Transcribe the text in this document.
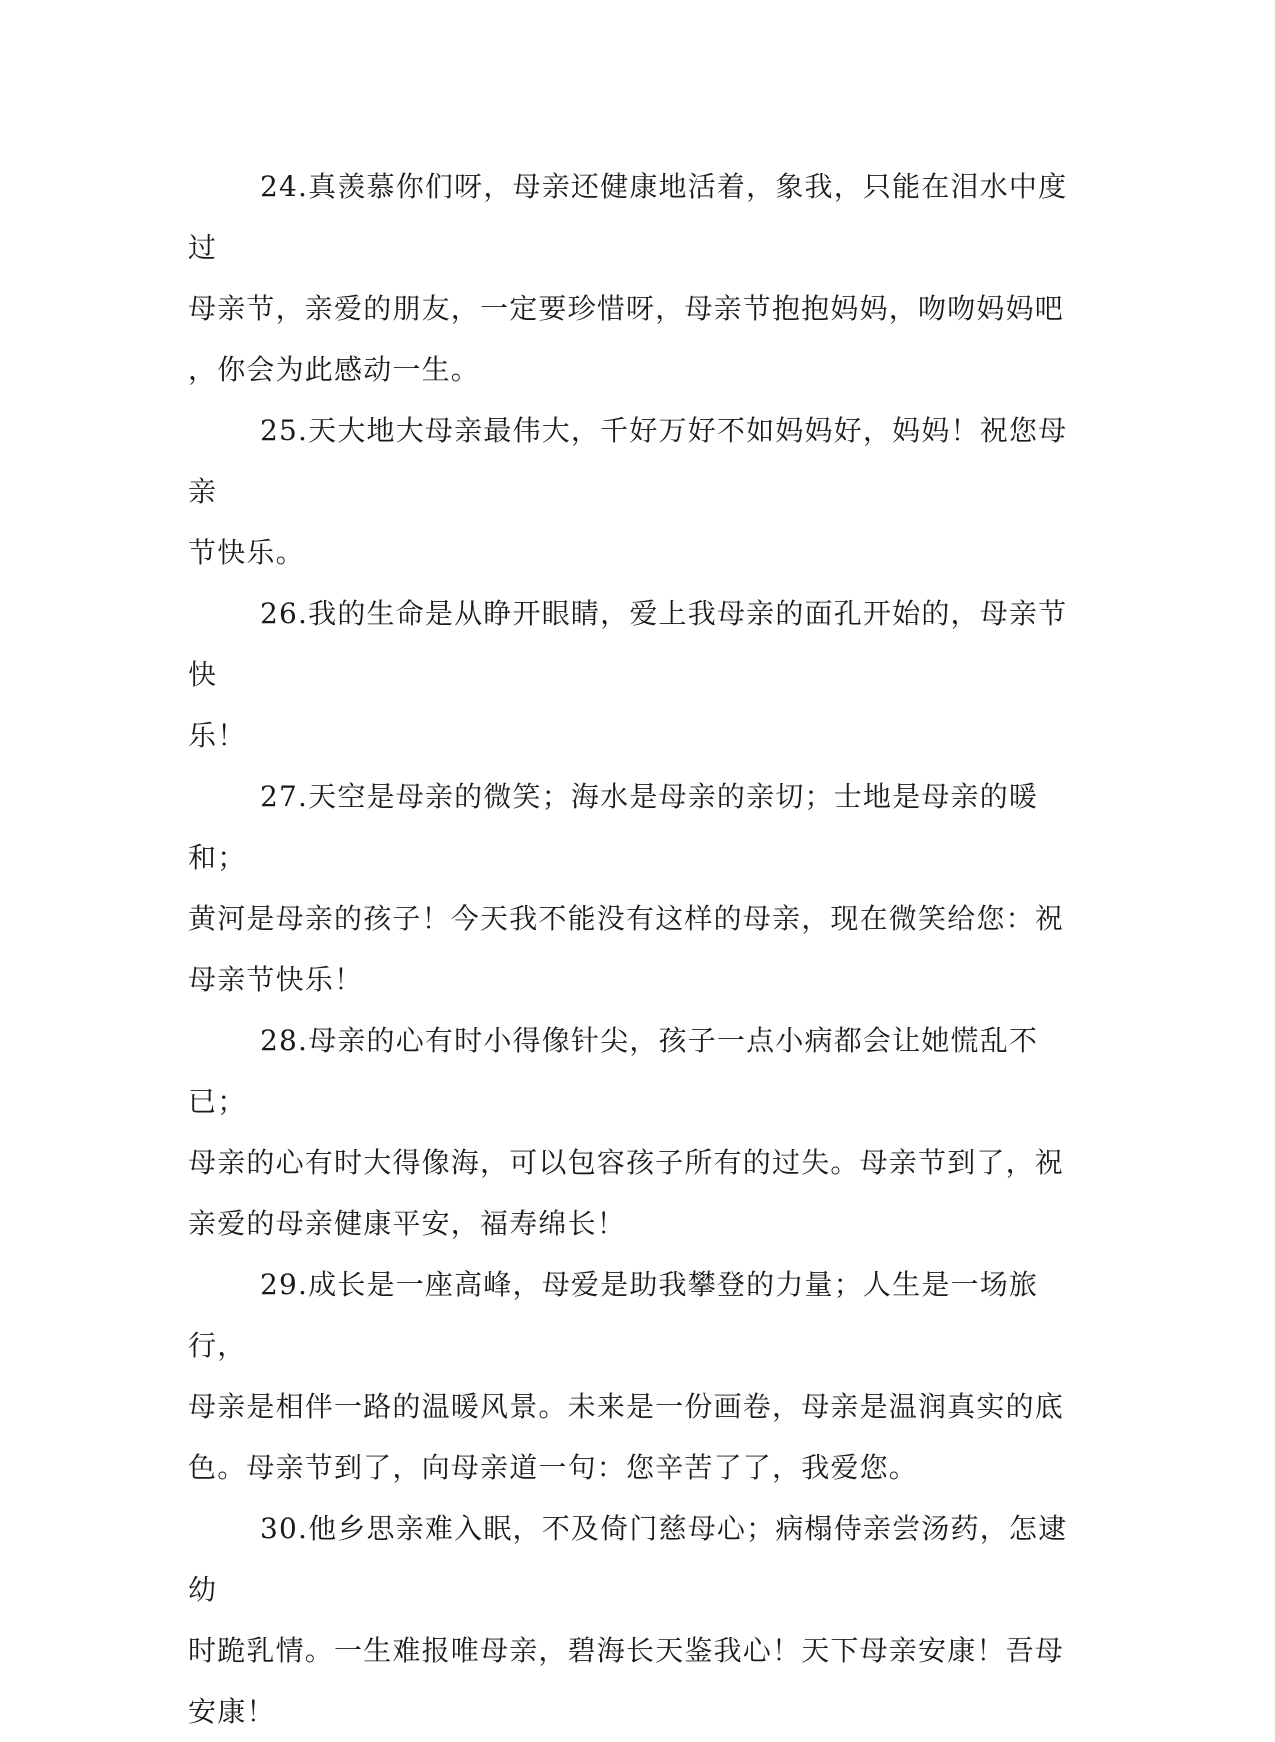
24.真羡慕你们呀，母亲还健康地活着，象我，只能在泪水中度过
母亲节，亲爱的朋友，一定要珍惜呀，母亲节抱抱妈妈，吻吻妈妈吧
，你会为此感动一生。

25.天大地大母亲最伟大，千好万好不如妈妈好，妈妈！祝您母亲
节快乐。

26.我的生命是从睁开眼睛，爱上我母亲的面孔开始的，母亲节快
乐！

27.天空是母亲的微笑；海水是母亲的亲切；士地是母亲的暖和；
黄河是母亲的孩子！今天我不能没有这样的母亲，现在微笑给您：祝
母亲节快乐！

28.母亲的心有时小得像针尖，孩子一点小病都会让她慌乱不已；
母亲的心有时大得像海，可以包容孩子所有的过失。母亲节到了，祝
亲爱的母亲健康平安，福寿绵长！

29.成长是一座高峰，母爱是助我攀登的力量；人生是一场旅行，
母亲是相伴一路的温暖风景。未来是一份画卷，母亲是温润真实的底
色。母亲节到了，向母亲道一句：您辛苦了了，我爱您。

30.他乡思亲难入眠，不及倚门慈母心；病榻侍亲尝汤药，怎逮幼
时跪乳情。一生难报唯母亲，碧海长天鉴我心！天下母亲安康！吾母
安康！
